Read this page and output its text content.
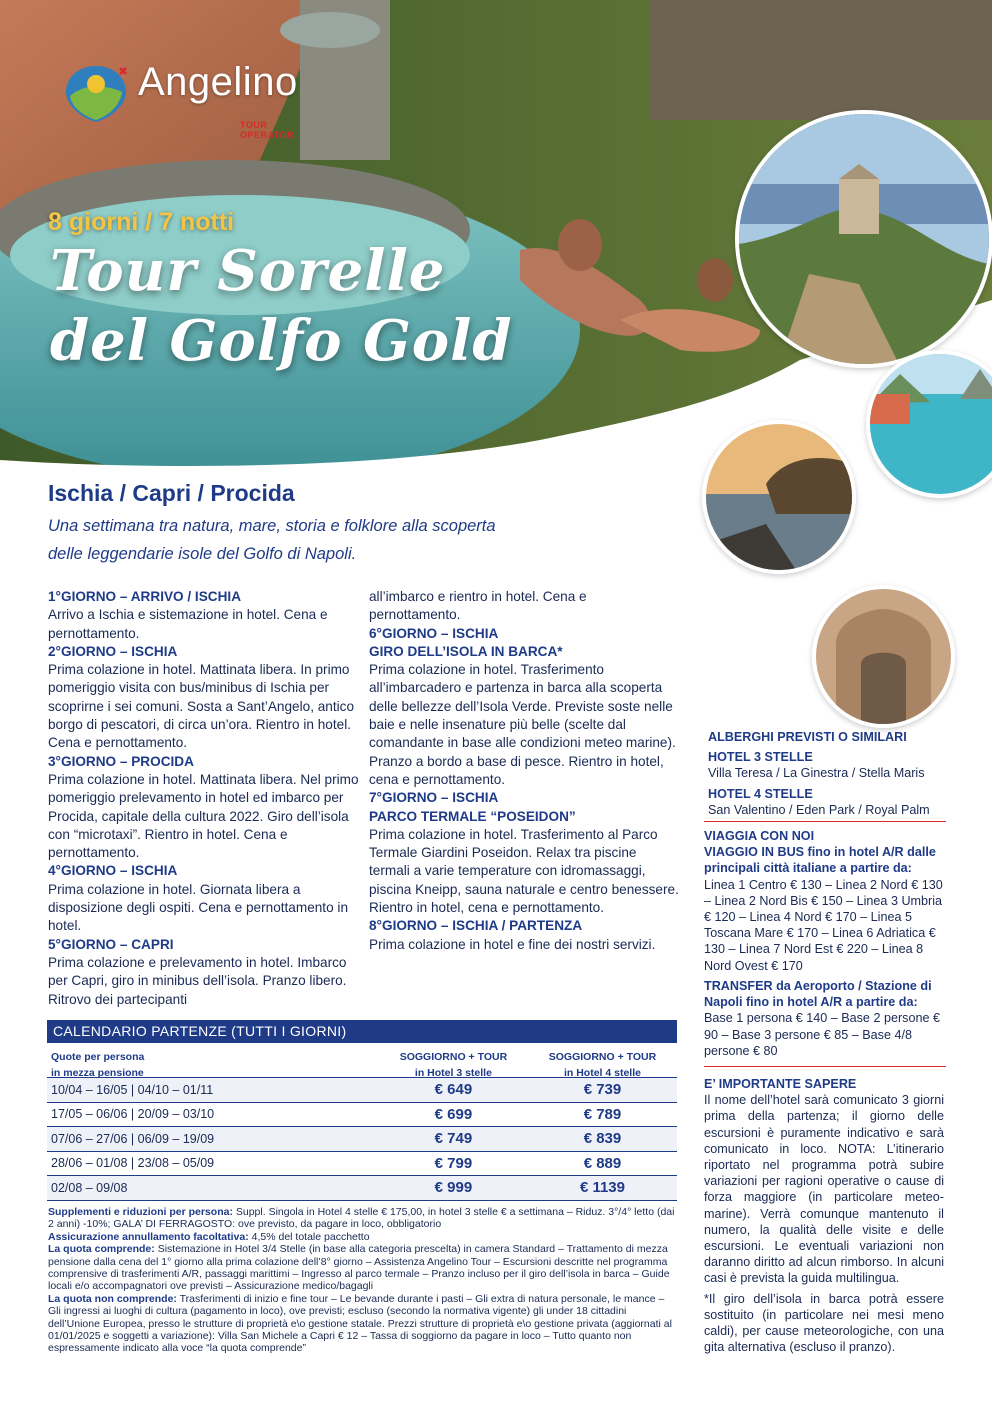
Angelino
TOUR OPERATOR
8 giorni / 7 notti
Tour Sorelle
del Golfo Gold
Ischia / Capri / Procida
Una settimana tra natura, mare, storia e folklore alla scoperta
delle leggendarie isole del Golfo di Napoli.
1°GIORNO – ARRIVO / ISCHIA
Arrivo a Ischia e sistemazione in hotel. Cena e pernottamento.
2°GIORNO – ISCHIA
Prima colazione in hotel. Mattinata libera. In primo pomeriggio visita con bus/minibus di Ischia per scoprirne i sei comuni. Sosta a Sant’Angelo, antico borgo di pescatori, di circa un’ora. Rientro in hotel. Cena e pernottamento.
3°GIORNO – PROCIDA
Prima colazione in hotel. Mattinata libera. Nel primo pomeriggio prelevamento in hotel ed imbarco per Procida, capitale della cultura 2022. Giro dell’isola con “microtaxi”. Rientro in hotel. Cena e pernottamento.
4°GIORNO – ISCHIA
Prima colazione in hotel. Giornata libera a disposizione degli ospiti. Cena e pernottamento in hotel.
5°GIORNO – CAPRI
Prima colazione e prelevamento in hotel. Imbarco per Capri, giro in minibus dell’isola. Pranzo libero. Ritrovo dei partecipanti
all’imbarco e rientro in hotel. Cena e pernottamento.
6°GIORNO – ISCHIA
GIRO DELL’ISOLA IN BARCA*
Prima colazione in hotel. Trasferimento all’imbarcadero e partenza in barca alla scoperta delle bellezze dell’Isola Verde. Previste soste nelle baie e nelle insenature più belle (scelte dal comandante in base alle condizioni meteo marine). Pranzo a bordo a base di pesce. Rientro in hotel, cena e pernottamento.
7°GIORNO – ISCHIA
PARCO TERMALE “POSEIDON”
Prima colazione in hotel. Trasferimento al Parco Termale Giardini Poseidon. Relax tra piscine termali a varie temperature con idromassaggi, piscina Kneipp, sauna naturale e centro benessere. Rientro in hotel, cena e pernottamento.
8°GIORNO – ISCHIA / PARTENZA
Prima colazione in hotel e fine dei nostri servizi.
ALBERGHI PREVISTI O SIMILARI
HOTEL 3 STELLE
Villa Teresa / La Ginestra / Stella Maris
HOTEL 4 STELLE
San Valentino / Eden Park / Royal Palm
VIAGGIA CON NOI
VIAGGIO IN BUS fino in hotel A/R dalle principali città italiane a partire da:
Linea 1 Centro € 130 – Linea 2 Nord € 130 – Linea 2 Nord Bis € 150 – Linea 3 Umbria € 120 – Linea 4 Nord € 170 – Linea 5 Toscana Mare € 170 – Linea 6 Adriatica € 130 – Linea 7 Nord Est € 220 – Linea 8 Nord Ovest € 170
TRANSFER da Aeroporto / Stazione di Napoli fino in hotel A/R a partire da:
Base 1 persona € 140 – Base 2 persone € 90 – Base 3 persone € 85 – Base 4/8 persone € 80
E’ IMPORTANTE SAPERE
Il nome dell’hotel sarà comunicato 3 giorni prima della partenza; il giorno delle escursioni è puramente indicativo e sarà comunicato in loco. NOTA: L’itinerario riportato nel programma potrà subire variazioni per ragioni operative o cause di forza maggiore (in particolare meteo-marine). Verrà comunque mantenuto il numero, la qualità delle visite e delle escursioni. Le eventuali variazioni non daranno diritto ad alcun rimborso. In alcuni casi è prevista la guida multilingua.
*Il giro dell’isola in barca potrà essere sostituito (in particolare nei mesi meno caldi), per cause meteorologiche, con una gita alternativa (escluso il pranzo).
CALENDARIO PARTENZE (TUTTI I GIORNI)
Quote per persona
in mezza pensione
SOGGIORNO + TOUR
in Hotel 3 stelle
SOGGIORNO + TOUR
in Hotel 4 stelle
10/04 – 16/05 | 04/10 – 01/11	€ 649	€ 739
17/05 – 06/06 | 20/09 – 03/10	€ 699	€ 789
07/06 – 27/06 | 06/09 – 19/09	€ 749	€ 839
28/06 – 01/08 | 23/08 – 05/09	€ 799	€ 889
02/08 – 09/08	€ 999	€ 1139
Supplementi e riduzioni per persona: Suppl. Singola in Hotel 4 stelle € 175,00, in hotel 3 stelle € a settimana – Riduz. 3°/4° letto (dai 2 anni) -10%; GALA’ DI FERRAGOSTO: ove previsto, da pagare in loco, obbligatorio
Assicurazione annullamento facoltativa: 4,5% del totale pacchetto
La quota comprende: Sistemazione in Hotel 3/4 Stelle (in base alla categoria prescelta) in camera Standard – Trattamento di mezza pensione dalla cena del 1° giorno alla prima colazione dell’8° giorno – Assistenza Angelino Tour – Escursioni descritte nel programma comprensive di trasferimenti A/R, passaggi marittimi – Ingresso al parco termale – Pranzo incluso per il giro dell’isola in barca – Guide locali e/o accompagnatori ove previsti – Assicurazione medico/bagagli
La quota non comprende: Trasferimenti di inizio e fine tour – Le bevande durante i pasti – Gli extra di natura personale, le mance – Gli ingressi ai luoghi di cultura (pagamento in loco), ove previsti; escluso (secondo la normativa vigente) gli under 18 cittadini dell’Unione Europea, presso le strutture di proprietà e\o gestione statale. Prezzi strutture di proprietà e\o gestione privata (aggiornati al 01/01/2025 e soggetti a variazione): Villa San Michele a Capri € 12 – Tassa di soggiorno da pagare in loco – Tutto quanto non espressamente indicato alla voce “la quota comprende”
